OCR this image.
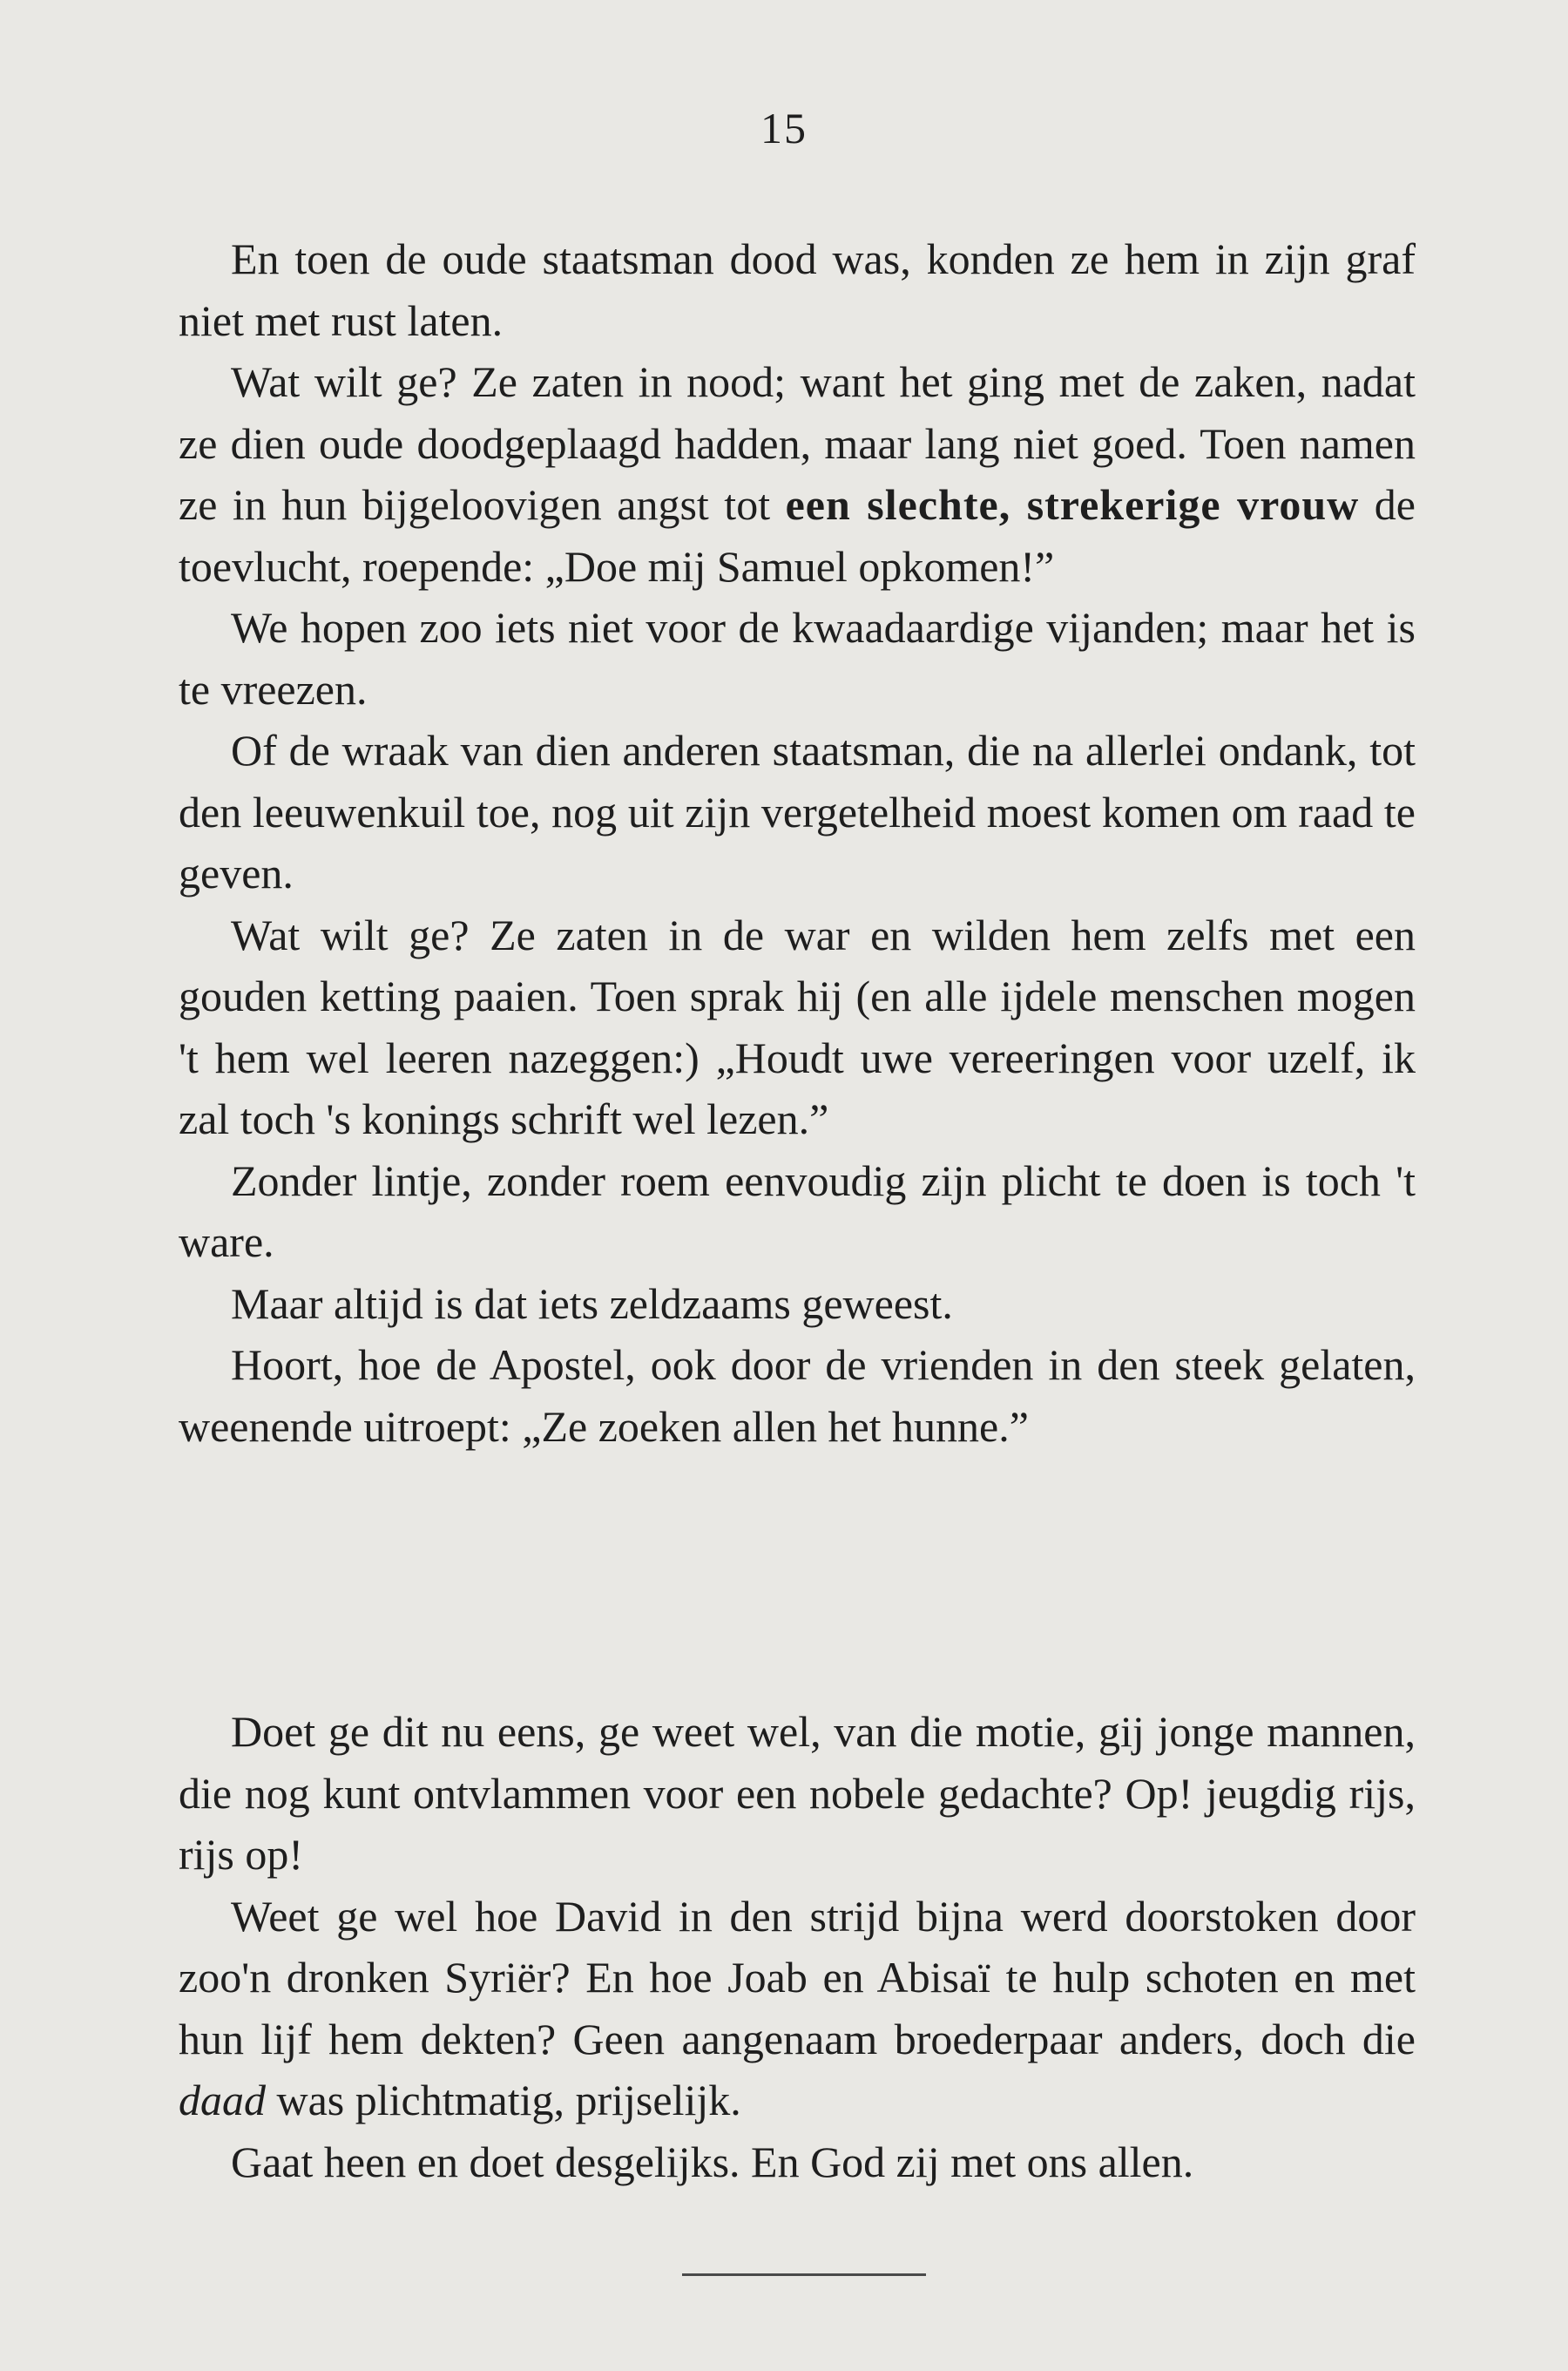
15

En toen de oude staatsman dood was, konden ze hem in zijn graf niet met rust laten.

Wat wilt ge? Ze zaten in nood; want het ging met de zaken, nadat ze dien oude doodgeplaagd hadden, maar lang niet goed. Toen namen ze in hun bijgeloovigen angst tot een slechte, strekerige vrouw de toevlucht, roepende: „Doe mij Samuel opkomen!”

We hopen zoo iets niet voor de kwaadaardige vijanden; maar het is te vreezen.

Of de wraak van dien anderen staatsman, die na allerlei ondank, tot den leeuwenkuil toe, nog uit zijn vergetelheid moest komen om raad te geven.

Wat wilt ge? Ze zaten in de war en wilden hem zelfs met een gouden ketting paaien. Toen sprak hij (en alle ijdele menschen mogen 't hem wel leeren nazeggen:) „Houdt uwe vereeringen voor uzelf, ik zal toch 's konings schrift wel lezen.”

Zonder lintje, zonder roem eenvoudig zijn plicht te doen is toch 't ware.

Maar altijd is dat iets zeldzaams geweest.

Hoort, hoe de Apostel, ook door de vrienden in den steek gelaten, weenende uitroept: „Ze zoeken allen het hunne.”

Doet ge dit nu eens, ge weet wel, van die motie, gij jonge mannen, die nog kunt ontvlammen voor een nobele gedachte? Op! jeugdig rijs, rijs op!

Weet ge wel hoe David in den strijd bijna werd doorstoken door zoo'n dronken Syriër? En hoe Joab en Abisaï te hulp schoten en met hun lijf hem dekten? Geen aangenaam broederpaar anders, doch die daad was plichtmatig, prijselijk.

Gaat heen en doet desgelijks. En God zij met ons allen.
